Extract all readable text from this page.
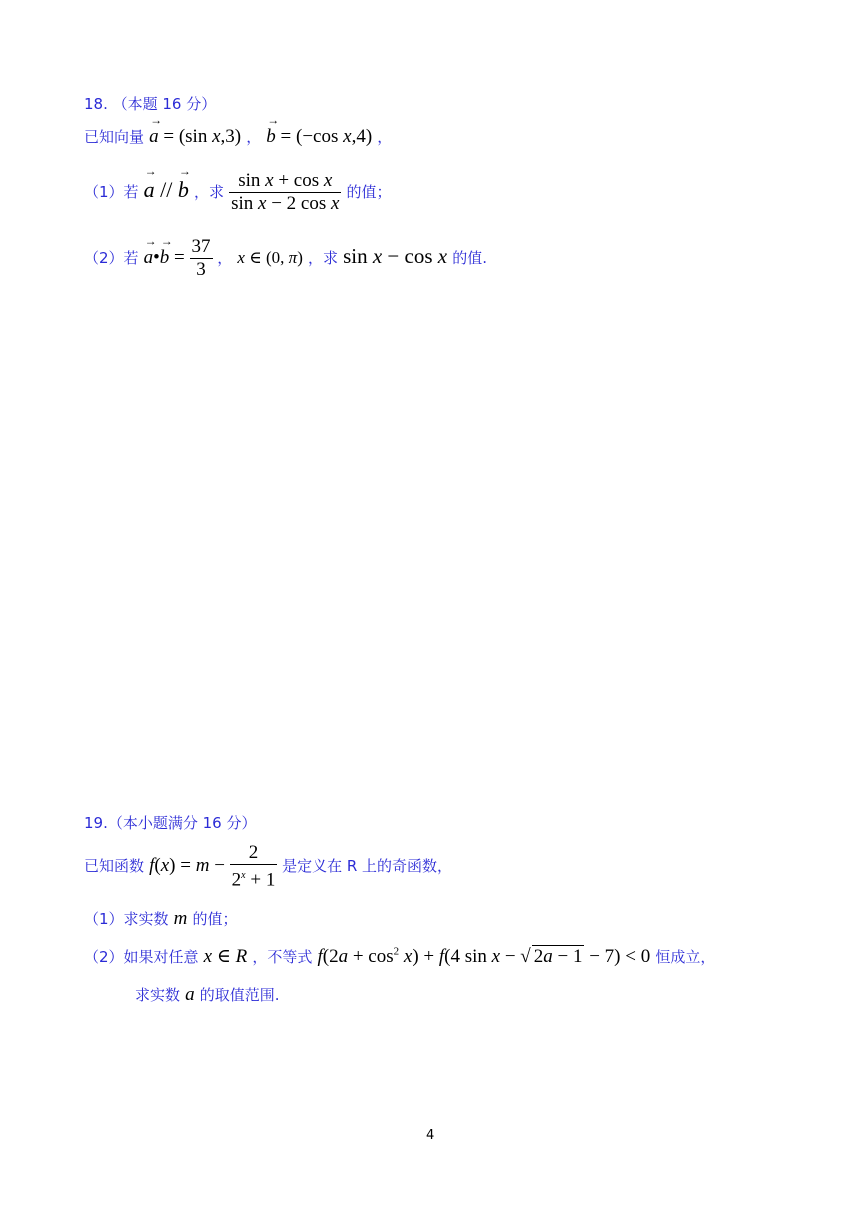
18. （本题 16 分）
已知向量 → a = (sin x,3) ， → b = (−cos x,4) ，
（1）若 → a // → b ，求 $\frac{\text{sin x + cos x}}{\text{sin x − 2 cos x}}$ 的值；
（2）若 → a•→ $b = \frac{37}{3}$ ， x ∈ (0, π) ，求 sin x − cos x 的值.
19.（本小题满分 16 分）
已知函数 $f(x) = m - \frac{2}{2^x + 1}$ 是定义在 R 上的奇函数，
（1）求实数 m 的值；
（2）如果对任意 x ∈ R ，不等式 $f(2a + \cos^2 x) + f(4$ sin x − √ 2a − 1 − 7) < 0 恒成立，
求实数 a 的取值范围.
4
